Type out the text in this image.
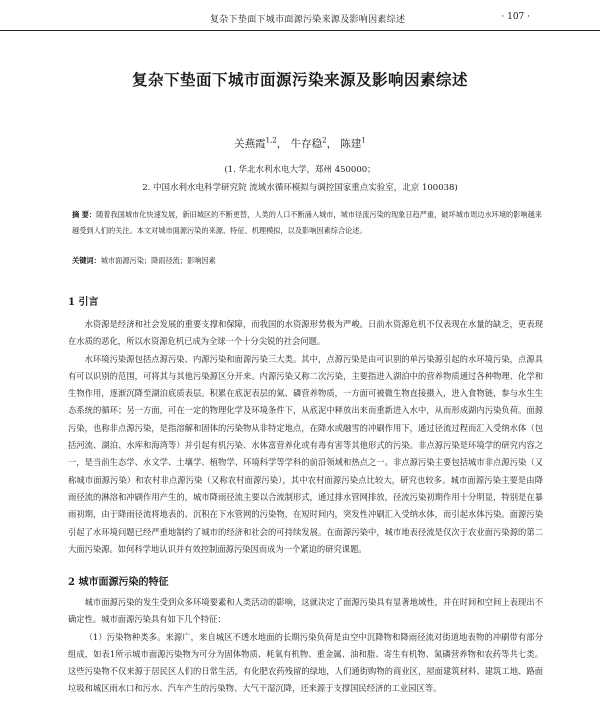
复杂下垫面下城市面源污染来源及影响因素综述	· 107 ·
复杂下垫面下城市面源污染来源及影响因素综述
关燕霞$^{1,2}$， 牛存稳$^2$， 陈建$^1$
(1. 华北水利水电大学，郑州 450000；
2. 中国水利水电科学研究院 流域水循环模拟与调控国家重点实验室，北京 100038)
摘 要：随着我国城市化快速发展，新旧城区的不断更替，人类的人口不断涌入城市，城市径流污染的现象日趋严重，破坏城市周边水环境的影响越来越受到人们的关注。本文对城市面源污染的来源、特征、机理模拟，以及影响因素综合论述。
关键词：城市面源污染；降雨径流；影响因素
1 引言

水资源是经济和社会发展的重要支撑和保障，而我国的水资源形势极为严峻。日前水资源危机不仅表现在水量的缺乏，更表现在水质的恶化，所以水资源危机已成为全球一个十分尖锐的社会问题。

水环境污染源包括点源污染、内源污染和面源污染三大类。其中，点源污染是由可识别的单污染源引起的水环境污染，点源具有可以识别的范围，可将其与其他污染源区分开来。内源污染又称二次污染，主要指进入湖泊中的营养物质通过各种物理、化学和生物作用，逐渐沉降至湖泊底质表层。积累在底泥表层的氮、磷营养物质，一方面可被微生物直接摄入，进入食物链，参与水生生态系统的循环；另一方面，可在一定的物理化学及环境条件下，从底泥中释放出来而重新进入水中，从而形成湖内污染负荷。面源污染，也称非点源污染，是指溶解和固体的污染物从非特定地点，在降水或融雪的冲刷作用下，通过径流过程而汇入受纳水体（包括河流、湖泊、水库和海湾等）并引起有机污染、水体富营养化或有毒有害等其他形式的污染。非点源污染是环境学的研究内容之一，是当前生态学、水文学、土壤学、植物学、环境科学等学科的前沿领域和热点之一。非点源污染主要包括城市非点源污染（又称城市面源污染）和农村非点源污染（又称农村面源污染），其中农村面源污染点比较大，研究也较多。城市面源污染主要是由降雨径流的淋溶和冲刷作用产生的，城市降雨径流主要以合流制形式，通过排水管网排放，径流污染初期作用十分明显，特别是在暴雨初期，由于降雨径流将地表的、沉积在下水管网的污染物，在短时间内，突发性冲刷汇入受纳水体，而引起水体污染。面源污染引起了水环境问题已经严重地制约了城市的经济和社会的可持续发展。在面源污染中，城市地表径流是仅次于农业面污染源的第二大面污染源。如何科学地认识并有效控制面源污染因而成为一个紧迫的研究课题。

2 城市面源污染的特征

城市面源污染的发生受到众多环境要素和人类活动的影响，这就决定了面源污染具有显著地域性，并在时间和空间上表现出不确定性。城市面源污染具有如下几个特征：

（1）污染物种类多。来源广，来自城区不透水地面的长期污染负荷是由空中沉降物和降雨径流对街道地表物的冲刷带有部分组成，如表1所示城市面源污染物为可分为固体物质、耗氧有机物、重金属、油和脂、寄生有机物、氮磷营养物和农药等共七类。这些污染物不仅来源于居民区人们的日常生活，有化肥农药残留的绿地，人们通街购物的商业区，屋面建筑材料、建筑工地、路面垃圾和城区雨水口和污水、汽车产生的污染物、大气干湿沉降，还来源于支撑国民经济的工业园区等。
